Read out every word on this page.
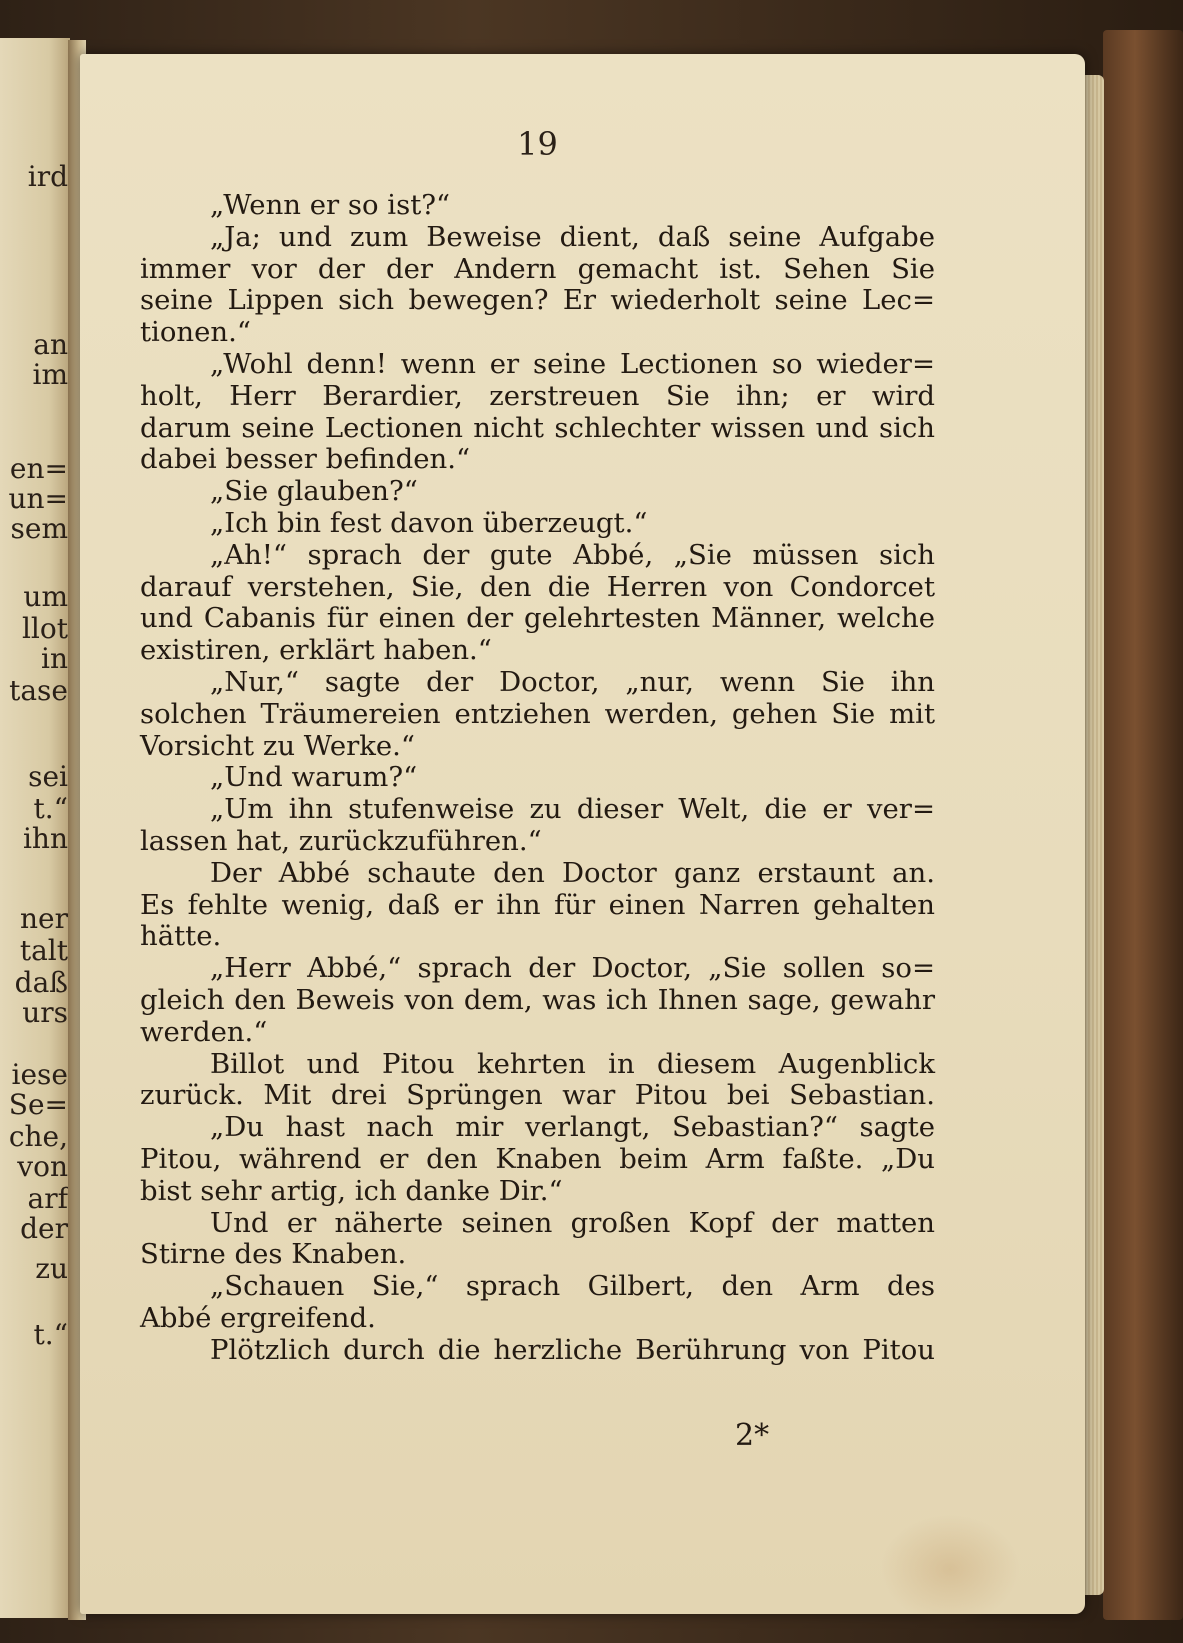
ird
an
im
en=
un=
sem
um
llot
in
tase
sei
t.“
ihn
ner
talt
daß
urs
iese
Se=
che,
von
arf
der
zu
t.“
19
„Wenn er so ist?“
„Ja; und zum Beweise dient, daß seine Aufgabe
immer vor der der Andern gemacht ist. Sehen Sie
seine Lippen sich bewegen? Er wiederholt seine Lec=
tionen.“
„Wohl denn! wenn er seine Lectionen so wieder=
holt, Herr Berardier, zerstreuen Sie ihn; er wird
darum seine Lectionen nicht schlechter wissen und sich
dabei besser befinden.“
„Sie glauben?“
„Ich bin fest davon überzeugt.“
„Ah!“ sprach der gute Abbé, „Sie müssen sich
darauf verstehen, Sie, den die Herren von Condorcet
und Cabanis für einen der gelehrtesten Männer, welche
existiren, erklärt haben.“
„Nur,“ sagte der Doctor, „nur, wenn Sie ihn
solchen Träumereien entziehen werden, gehen Sie mit
Vorsicht zu Werke.“
„Und warum?“
„Um ihn stufenweise zu dieser Welt, die er ver=
lassen hat, zurückzuführen.“
Der Abbé schaute den Doctor ganz erstaunt an.
Es fehlte wenig, daß er ihn für einen Narren gehalten
hätte.
„Herr Abbé,“ sprach der Doctor, „Sie sollen so=
gleich den Beweis von dem, was ich Ihnen sage, gewahr
werden.“
Billot und Pitou kehrten in diesem Augenblick
zurück. Mit drei Sprüngen war Pitou bei Sebastian.
„Du hast nach mir verlangt, Sebastian?“ sagte
Pitou, während er den Knaben beim Arm faßte. „Du
bist sehr artig, ich danke Dir.“
Und er näherte seinen großen Kopf der matten
Stirne des Knaben.
„Schauen Sie,“ sprach Gilbert, den Arm des
Abbé ergreifend.
Plötzlich durch die herzliche Berührung von Pitou
2*
